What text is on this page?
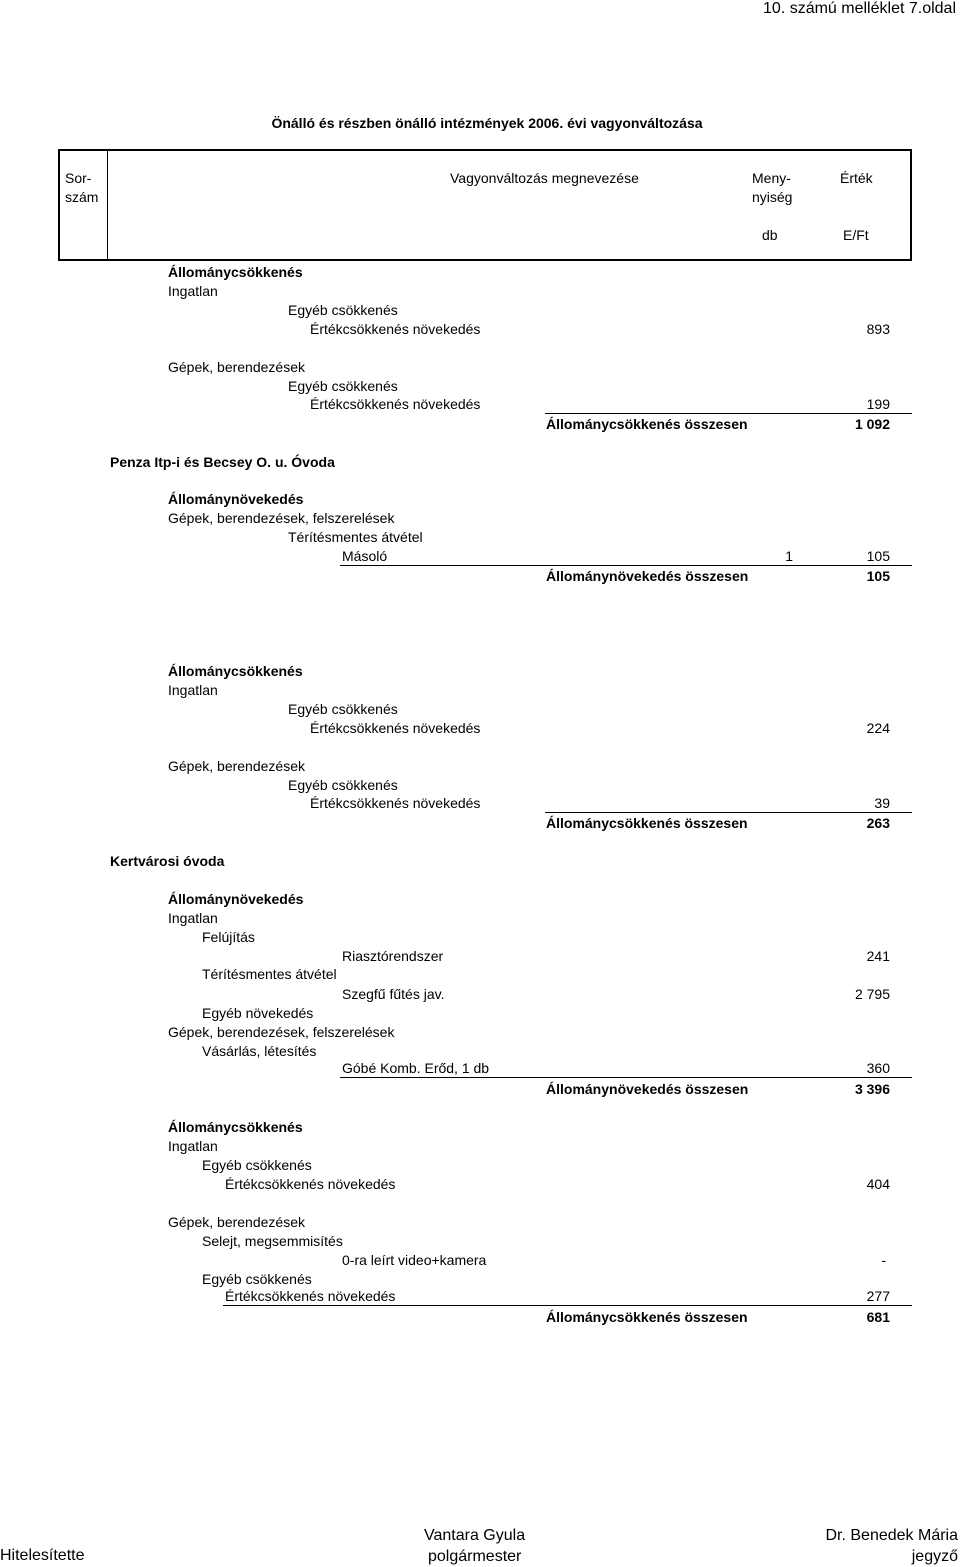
10. számú melléklet 7.oldal
Önálló és részben önálló intézmények 2006. évi vagyonváltozása
Sor-
szám
Vagyonváltozás megnevezése	Meny-
nyiség
Érték
db	E/Ft
Állománycsökkenés
Ingatlan
Egyéb csökkenés
Értékcsökkenés növekedés	893
Gépek, berendezések
Egyéb csökkenés
Értékcsökkenés növekedés	199
Állománycsökkenés összesen	1 092
Penza Itp-i és Becsey O. u. Óvoda
Állománynövekedés
Gépek, berendezések, felszerelések
Térítésmentes átvétel
Másoló	1	105
Állománynövekedés összesen	105
Állománycsökkenés
Ingatlan
Egyéb csökkenés
Értékcsökkenés növekedés	224
Gépek, berendezések
Egyéb csökkenés
Értékcsökkenés növekedés	39
Állománycsökkenés összesen	263
Kertvárosi óvoda
Állománynövekedés
Ingatlan
Felújítás
Riasztórendszer	241
Térítésmentes átvétel
Szegfű fűtés jav.	2 795
Egyéb növekedés
Gépek, berendezések, felszerelések
Vásárlás, létesítés
Góbé Komb. Erőd, 1 db	360
Állománynövekedés összesen	3 396
Állománycsökkenés
Ingatlan
Egyéb csökkenés
Értékcsökkenés növekedés	404
Gépek, berendezések
Selejt, megsemmisítés
0-ra leírt video+kamera	-
Egyéb csökkenés
Értékcsökkenés növekedés	277
Állománycsökkenés összesen	681
Hitelesítette
Vantara Gyula
polgármester
Dr. Benedek Mária
jegyző
